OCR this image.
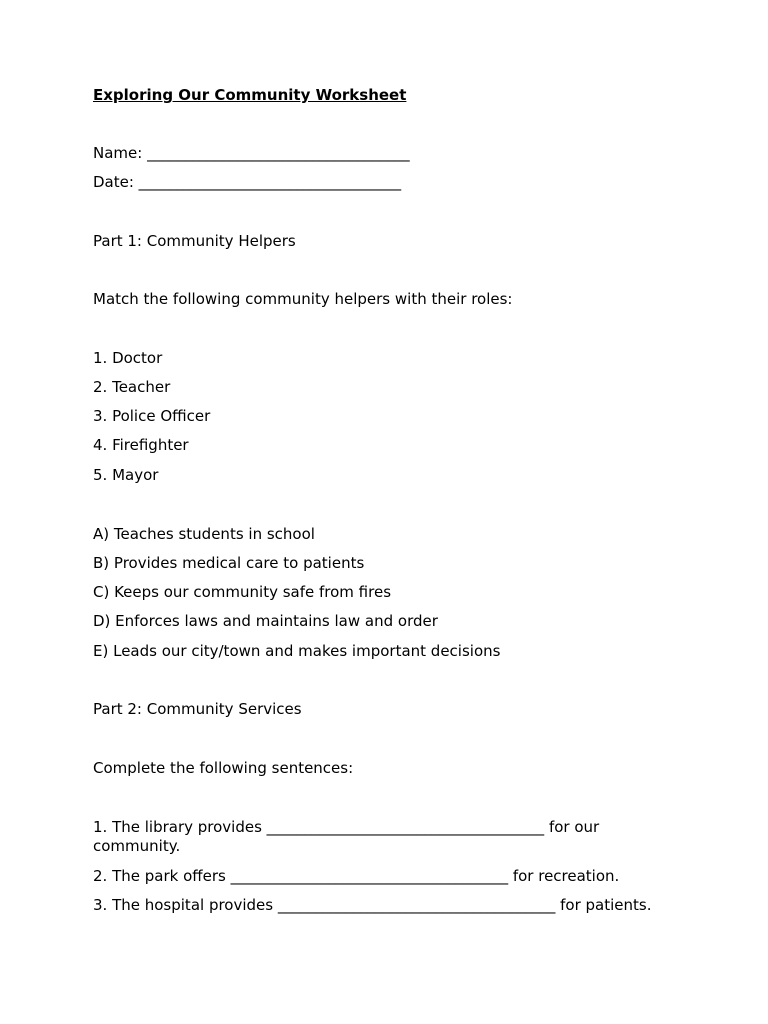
Exploring Our Community Worksheet

Name: ___________________________________

Date: ___________________________________

Part 1: Community Helpers

Match the following community helpers with their roles:

1. Doctor

2. Teacher

3. Police Officer

4. Firefighter

5. Mayor

A) Teaches students in school

B) Provides medical care to patients

C) Keeps our community safe from fires

D) Enforces laws and maintains law and order

E) Leads our city/town and makes important decisions

Part 2: Community Services

Complete the following sentences:

1. The library provides _____________________________________ for our community.

2. The park offers _____________________________________ for recreation.

3. The hospital provides _____________________________________ for patients.
